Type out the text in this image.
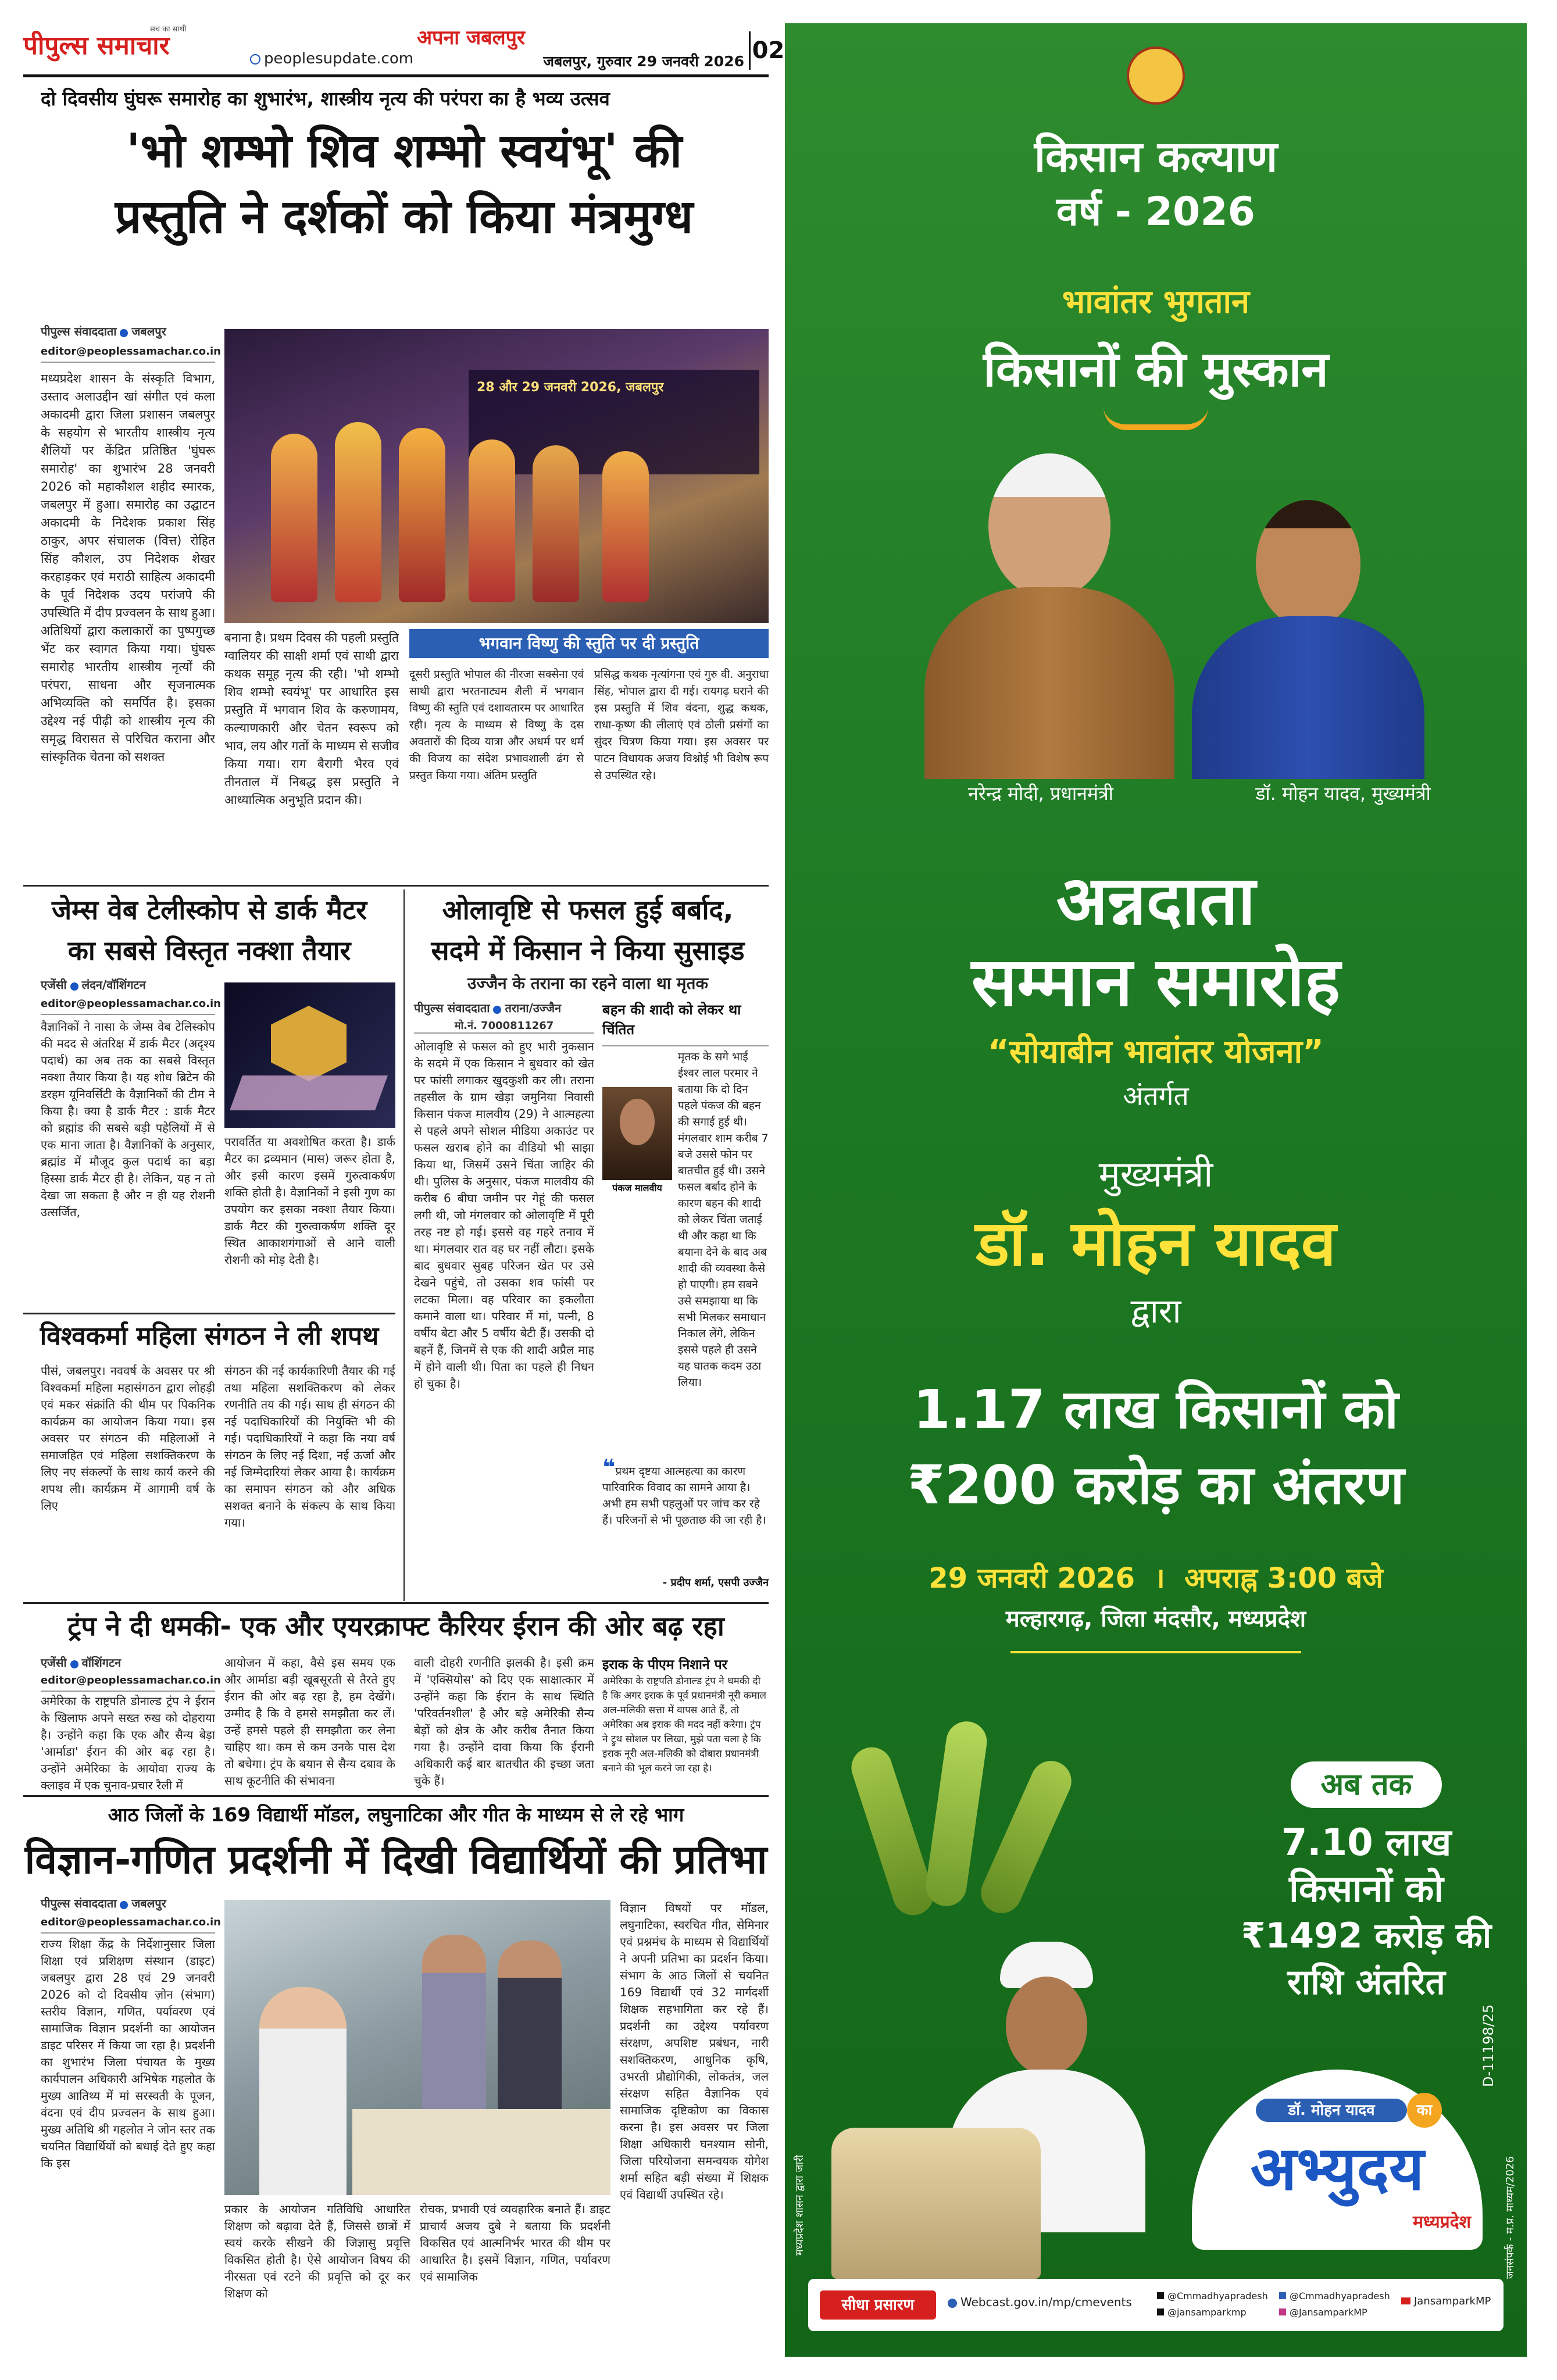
पीपुल्स समाचार
सच का साथी
peoplesupdate.com
अपना जबलपुर
जबलपुर, गुरुवार 29 जनवरी 2026 02
दो दिवसीय घुंघरू समारोह का शुभारंभ, शास्त्रीय नृत्य की परंपरा का है भव्य उत्सव
'भो शम्भो शिव शम्भो स्वयंभू' की
प्रस्तुति ने दर्शकों को किया मंत्रमुग्ध
पीपुल्स संवाददाता जबलपुर
editor@peoplessamachar.co.in
मध्यप्रदेश शासन के संस्कृति विभाग, उस्ताद अलाउद्दीन खां संगीत एवं कला अकादमी द्वारा जिला प्रशासन जबलपुर के सहयोग से भारतीय शास्त्रीय नृत्य शैलियों पर केंद्रित प्रतिष्ठित 'घुंघरू समारोह' का शुभारंभ 28 जनवरी 2026 को महाकौशल शहीद स्मारक, जबलपुर में हुआ। समारोह का उद्घाटन अकादमी के निदेशक प्रकाश सिंह ठाकुर, अपर संचालक (वित्त) रोहित सिंह कौशल, उप निदेशक शेखर करहाड़कर एवं मराठी साहित्य अकादमी के पूर्व निदेशक उदय परांजपे की उपस्थिति में दीप प्रज्वलन के साथ हुआ। अतिथियों द्वारा कलाकारों का पुष्पगुच्छ भेंट कर स्वागत किया गया। घुंघरू समारोह भारतीय शास्त्रीय नृत्यों की परंपरा, साधना और सृजनात्मक अभिव्यक्ति को समर्पित है। इसका उद्देश्य नई पीढ़ी को शास्त्रीय नृत्य की समृद्ध विरासत से परिचित कराना और सांस्कृतिक चेतना को सशक्त
28 और 29 जनवरी 2026, जबलपुर
बनाना है। प्रथम दिवस की पहली प्रस्तुति ग्वालियर की साक्षी शर्मा एवं साथी द्वारा कथक समूह नृत्य की रही। 'भो शम्भो शिव शम्भो स्वयंभू' पर आधारित इस प्रस्तुति में भगवान शिव के करुणामय, कल्याणकारी और चेतन स्वरूप को भाव, लय और गतों के माध्यम से सजीव किया गया। राग बैरागी भैरव एवं तीनताल में निबद्ध इस प्रस्तुति ने आध्यात्मिक अनुभूति प्रदान की।
भगवान विष्णु की स्तुति पर दी प्रस्तुति
दूसरी प्रस्तुति भोपाल की नीरजा सक्सेना एवं साथी द्वारा भरतनाट्यम शैली में भगवान विष्णु की स्तुति एवं दशावतारम पर आधारित रही। नृत्य के माध्यम से विष्णु के दस अवतारों की दिव्य यात्रा और अधर्म पर धर्म की विजय का संदेश प्रभावशाली ढंग से प्रस्तुत किया गया। अंतिम प्रस्तुति
प्रसिद्ध कथक नृत्यांगना एवं गुरु वी. अनुराधा सिंह, भोपाल द्वारा दी गई। रायगढ़ घराने की इस प्रस्तुति में शिव वंदना, शुद्ध कथक, राधा-कृष्ण की लीलाएं एवं ठोली प्रसंगों का सुंदर चित्रण किया गया। इस अवसर पर पाटन विधायक अजय विश्नोई भी विशेष रूप से उपस्थित रहे।
जेम्स वेब टेलीस्कोप से डार्क मैटर
का सबसे विस्तृत नक्शा तैयार
एजेंसी लंदन/वॉशिंगटन
editor@peoplessamachar.co.in
वैज्ञानिकों ने नासा के जेम्स वेब टेलिस्कोप की मदद से अंतरिक्ष में डार्क मैटर (अदृश्य पदार्थ) का अब तक का सबसे विस्तृत नक्शा तैयार किया है। यह शोध ब्रिटेन की डरहम यूनिवर्सिटी के वैज्ञानिकों की टीम ने किया है। क्या है डार्क मैटर : डार्क मैटर को ब्रह्मांड की सबसे बड़ी पहेलियों में से एक माना जाता है। वैज्ञानिकों के अनुसार, ब्रह्मांड में मौजूद कुल पदार्थ का बड़ा हिस्सा डार्क मैटर ही है। लेकिन, यह न तो देखा जा सकता है और न ही यह रोशनी उत्सर्जित,
परावर्तित या अवशोषित करता है। डार्क मैटर का द्रव्यमान (मास) जरूर होता है, और इसी कारण इसमें गुरुत्वाकर्षण शक्ति होती है। वैज्ञानिकों ने इसी गुण का उपयोग कर इसका नक्शा तैयार किया। डार्क मैटर की गुरुत्वाकर्षण शक्ति दूर स्थित आकाशगंगाओं से आने वाली रोशनी को मोड़ देती है।
विश्वकर्मा महिला संगठन ने ली शपथ
पीसं, जबलपुर। नववर्ष के अवसर पर श्री विश्वकर्मा महिला महासंगठन द्वारा लोहड़ी एवं मकर संक्रांति की थीम पर पिकनिक कार्यक्रम का आयोजन किया गया। इस अवसर पर संगठन की महिलाओं ने समाजहित एवं महिला सशक्तिकरण के लिए नए संकल्पों के साथ कार्य करने की शपथ ली। कार्यक्रम में आगामी वर्ष के लिए
संगठन की नई कार्यकारिणी तैयार की गई तथा महिला सशक्तिकरण को लेकर रणनीति तय की गई। साथ ही संगठन की नई पदाधिकारियों की नियुक्ति भी की गई। पदाधिकारियों ने कहा कि नया वर्ष संगठन के लिए नई दिशा, नई ऊर्जा और नई जिम्मेदारियां लेकर आया है। कार्यक्रम का समापन संगठन को और अधिक सशक्त बनाने के संकल्प के साथ किया गया।
ओलावृष्टि से फसल हुई बर्बाद,
सदमे में किसान ने किया सुसाइड
उज्जैन के तराना का रहने वाला था मृतक
पीपुल्स संवाददाता तराना/उज्जैन
मो.नं. 7000811267
ओलावृष्टि से फसल को हुए भारी नुकसान के सदमे में एक किसान ने बुधवार को खेत पर फांसी लगाकर खुदकुशी कर ली। तराना तहसील के ग्राम खेड़ा जमुनिया निवासी किसान पंकज मालवीय (29) ने आत्महत्या से पहले अपने सोशल मीडिया अकाउंट पर फसल खराब होने का वीडियो भी साझा किया था, जिसमें उसने चिंता जाहिर की थी। पुलिस के अनुसार, पंकज मालवीय की करीब 6 बीघा जमीन पर गेहूं की फसल लगी थी, जो मंगलवार को ओलावृष्टि में पूरी तरह नष्ट हो गई। इससे वह गहरे तनाव में था। मंगलवार रात वह घर नहीं लौटा। इसके बाद बुधवार सुबह परिजन खेत पर उसे देखने पहुंचे, तो उसका शव फांसी पर लटका मिला। वह परिवार का इकलौता कमाने वाला था। परिवार में मां, पत्नी, 8 वर्षीय बेटा और 5 वर्षीय बेटी हैं। उसकी दो बहनें हैं, जिनमें से एक की शादी अप्रैल माह में होने वाली थी। पिता का पहले ही निधन हो चुका है।
बहन की शादी को लेकर था चिंतित
पंकज मालवीय
मृतक के सगे भाई ईश्वर लाल परमार ने बताया कि दो दिन पहले पंकज की बहन की सगाई हुई थी। मंगलवार शाम करीब 7 बजे उससे फोन पर बातचीत हुई थी। उसने फसल बर्बाद होने के कारण बहन की शादी को लेकर चिंता जताई थी और कहा था कि बयाना देने के बाद अब शादी की व्यवस्था कैसे हो पाएगी। हम सबने उसे समझाया था कि सभी मिलकर समाधान निकाल लेंगे, लेकिन इससे पहले ही उसने यह घातक कदम उठा लिया।
❝प्रथम दृष्टया आत्महत्या का कारण पारिवारिक विवाद का सामने आया है। अभी हम सभी पहलुओं पर जांच कर रहे हैं। परिजनों से भी पूछताछ की जा रही है।
- प्रदीप शर्मा, एसपी उज्जैन
ट्रंप ने दी धमकी- एक और एयरक्राफ्ट कैरियर ईरान की ओर बढ़ रहा
एजेंसी वॉशिंगटन
editor@peoplessamachar.co.in
अमेरिका के राष्ट्रपति डोनाल्ड ट्रंप ने ईरान के खिलाफ अपने सख्त रुख को दोहराया है। उन्होंने कहा कि एक और सैन्य बेड़ा 'आर्माडा' ईरान की ओर बढ़ रहा है। उन्होंने अमेरिका के आयोवा राज्य के क्लाइव में एक चुनाव-प्रचार रैली में
आयोजन में कहा, वैसे इस समय एक और आर्माडा बड़ी खूबसूरती से तैरते हुए ईरान की ओर बढ़ रहा है, हम देखेंगे। उम्मीद है कि वे हमसे समझौता कर लें। उन्हें हमसे पहले ही समझौता कर लेना चाहिए था। कम से कम उनके पास देश तो बचेगा। ट्रंप के बयान से सैन्य दबाव के साथ कूटनीति की संभावना
वाली दोहरी रणनीति झलकी है। इसी क्रम में 'एक्सियोस' को दिए एक साक्षात्कार में उन्होंने कहा कि ईरान के साथ स्थिति 'परिवर्तनशील' है और बड़े अमेरिकी सैन्य बेड़ों को क्षेत्र के और करीब तैनात किया गया है। उन्होंने दावा किया कि ईरानी अधिकारी कई बार बातचीत की इच्छा जता चुके हैं।
इराक के पीएम निशाने पर
अमेरिका के राष्ट्रपति डोनाल्ड ट्रंप ने धमकी दी है कि अगर इराक के पूर्व प्रधानमंत्री नूरी कमाल अल-मलिकी सत्ता में वापस आते हैं, तो अमेरिका अब इराक की मदद नहीं करेगा। ट्रंप ने ट्रुथ सोशल पर लिखा, मुझे पता चला है कि इराक नूरी अल-मलिकी को दोबारा प्रधानमंत्री बनाने की भूल करने जा रहा है।
आठ जिलों के 169 विद्यार्थी मॉडल, लघुनाटिका और गीत के माध्यम से ले रहे भाग
विज्ञान-गणित प्रदर्शनी में दिखी विद्यार्थियों की प्रतिभा
पीपुल्स संवाददाता जबलपुर
editor@peoplessamachar.co.in
राज्य शिक्षा केंद्र के निर्देशानुसार जिला शिक्षा एवं प्रशिक्षण संस्थान (डाइट) जबलपुर द्वारा 28 एवं 29 जनवरी 2026 को दो दिवसीय ज़ोन (संभाग) स्तरीय विज्ञान, गणित, पर्यावरण एवं सामाजिक विज्ञान प्रदर्शनी का आयोजन डाइट परिसर में किया जा रहा है। प्रदर्शनी का शुभारंभ जिला पंचायत के मुख्य कार्यपालन अधिकारी अभिषेक गहलोत के मुख्य आतिथ्य में मां सरस्वती के पूजन, वंदना एवं दीप प्रज्वलन के साथ हुआ। मुख्य अतिथि श्री गहलोत ने जोन स्तर तक चयनित विद्यार्थियों को बधाई देते हुए कहा कि इस
प्रकार के आयोजन गतिविधि आधारित शिक्षण को बढ़ावा देते हैं, जिससे छात्रों में स्वयं करके सीखने की जिज्ञासु प्रवृत्ति विकसित होती है। ऐसे आयोजन विषय की नीरसता एवं रटने की प्रवृत्ति को दूर कर शिक्षण को
रोचक, प्रभावी एवं व्यवहारिक बनाते हैं। डाइट प्राचार्य अजय दुबे ने बताया कि प्रदर्शनी विकसित एवं आत्मनिर्भर भारत की थीम पर आधारित है। इसमें विज्ञान, गणित, पर्यावरण एवं सामाजिक
विज्ञान विषयों पर मॉडल, लघुनाटिका, स्वरचित गीत, सेमिनार एवं प्रश्नमंच के माध्यम से विद्यार्थियों ने अपनी प्रतिभा का प्रदर्शन किया। संभाग के आठ जिलों से चयनित 169 विद्यार्थी एवं 32 मार्गदर्शी शिक्षक सहभागिता कर रहे हैं। प्रदर्शनी का उद्देश्य पर्यावरण संरक्षण, अपशिष्ट प्रबंधन, नारी सशक्तिकरण, आधुनिक कृषि, उभरती प्रौद्योगिकी, लोकतंत्र, जल संरक्षण सहित वैज्ञानिक एवं सामाजिक दृष्टिकोण का विकास करना है। इस अवसर पर जिला शिक्षा अधिकारी घनश्याम सोनी, जिला परियोजना समन्वयक योगेश शर्मा सहित बड़ी संख्या में शिक्षक एवं विद्यार्थी उपस्थित रहे।
किसान कल्याण
वर्ष - 2026
भावांतर भुगतान
किसानों की मुस्कान
नरेन्द्र मोदी, प्रधानमंत्री	डॉ. मोहन यादव, मुख्यमंत्री
अन्नदाता
सम्मान समारोह
“सोयाबीन भावांतर योजना”
अंतर्गत
मुख्यमंत्री
डॉ. मोहन यादव
द्वारा
1.17 लाख किसानों को
₹200 करोड़ का अंतरण
29 जनवरी 2026  ।  अपराह्न 3:00 बजे
मल्हारगढ़, जिला मंदसौर, मध्यप्रदेश
अब तक
7.10 लाख
किसानों को
₹1492 करोड़ की
राशि अंतरित
डॉ. मोहन यादव	का
अभ्युदय
मध्यप्रदेश
D-11198/25
मध्यप्रदेश शासन द्वारा जारी	जनसंपर्क - म.प्र. माध्यम/2026
सीधा प्रसारण	Webcast.gov.in/mp/cmevents	@Cmmadhyapradesh
@jansamparkmp
@Cmmadhyapradesh
@JansamparkMP
JansamparkMP
